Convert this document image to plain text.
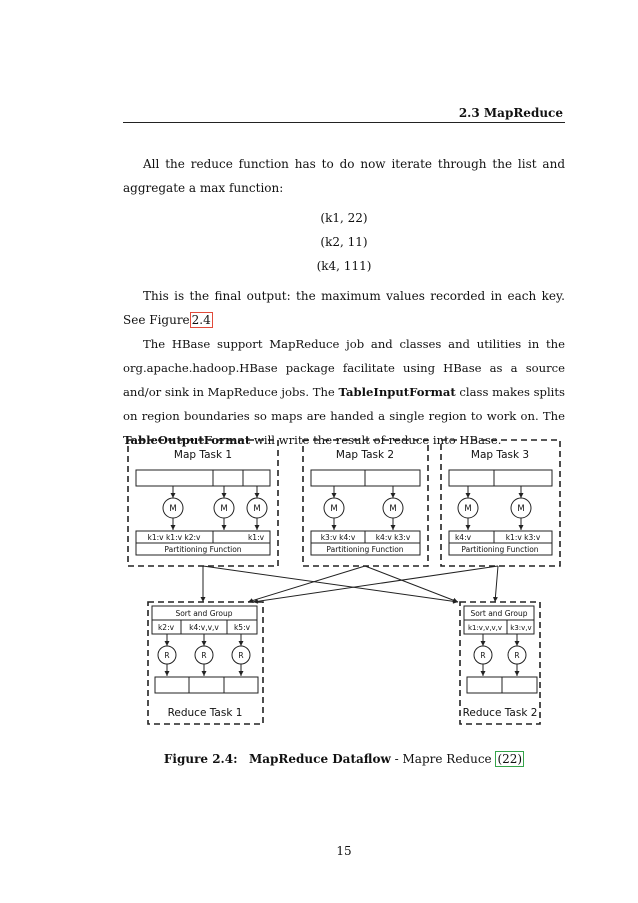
2.3 MapReduce

All the reduce function has to do now iterate through the list and aggregate a max function:

(k1, 22)
(k2, 11)
(k4, 111)

This is the final output: the maximum values recorded in each key. See Figure 2.4

The HBase support MapReduce job and classes and utilities in the org.apache.hadoop.HBase package facilitate using HBase as a source and/or sink in MapReduce jobs. The TableInputFormat class makes splits on region boundaries so maps are handed a single region to work on. The TableOutputFormat will write the result of reduce into HBase.

Map Task 1	Map Task 2	Map Task 3
M	M	M	M	M	M	M
k1:v k1:v k2:v	k1:v	k3:v k4:v	k4:v k3:v	k4:v	k1:v k3:v
Partitioning Function	Partitioning Function	Partitioning Function
Sort and Group
k2:v k4:v,v,v k5:v
R	R	R
Reduce Task 1
Sort and Group
k1:v,v,v,v k3:v,v
R	R
Reduce Task 2
Figure 2.4: MapReduce Dataflow - Mapre Reduce (22)
15
